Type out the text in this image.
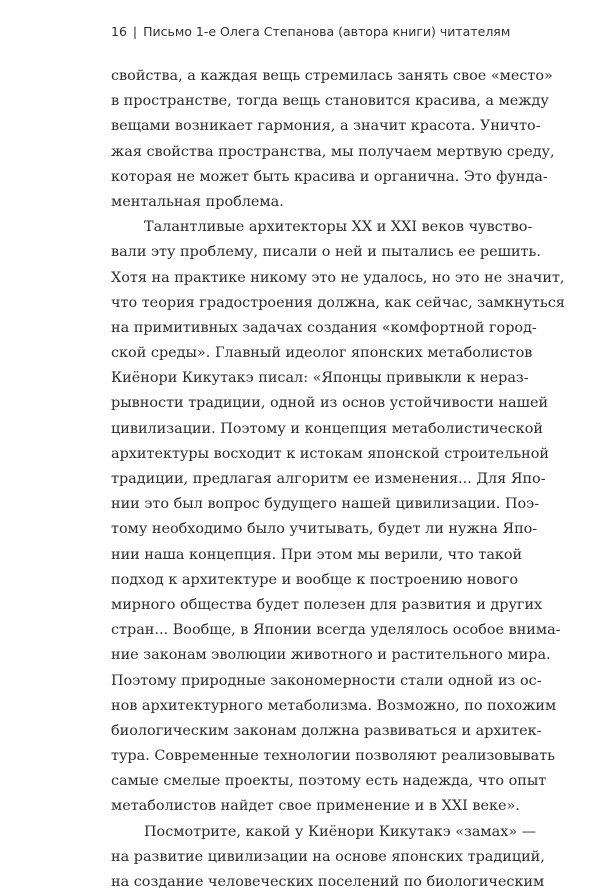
16 | Письмо 1-е Олега Степанова (автора книги) читателям
свойства, а каждая вещь стремилась занять свое «место»
в пространстве, тогда вещь становится красива, а между
вещами возникает гармония, а значит красота. Уничто-
жая свойства пространства, мы получаем мертвую среду,
которая не может быть красива и органична. Это фунда-
ментальная проблема.
Талантливые архитекторы XX и XXI веков чувство-
вали эту проблему, писали о ней и пытались ее решить.
Хотя на практике никому это не удалось, но это не значит,
что теория градостроения должна, как сейчас, замкнуться
на примитивных задачах создания «комфортной город-
ской среды». Главный идеолог японских метаболистов
Киёнори Кикутакэ писал: «Японцы привыкли к нераз-
рывности традиции, одной из основ устойчивости нашей
цивилизации. Поэтому и концепция метаболистической
архитектуры восходит к истокам японской строительной
традиции, предлагая алгоритм ее изменения... Для Япо-
нии это был вопрос будущего нашей цивилизации. Поэ-
тому необходимо было учитывать, будет ли нужна Япо-
нии наша концепция. При этом мы верили, что такой
подход к архитектуре и вообще к построению нового
мирного общества будет полезен для развития и других
стран... Вообще, в Японии всегда уделялось особое внима-
ние законам эволюции животного и растительного мира.
Поэтому природные закономерности стали одной из ос-
нов архитектурного метаболизма. Возможно, по похожим
биологическим законам должна развиваться и архитек-
тура. Современные технологии позволяют реализовывать
самые смелые проекты, поэтому есть надежда, что опыт
метаболистов найдет свое применение и в XXI веке».
Посмотрите, какой у Киёнори Кикутакэ «замах» —
на развитие цивилизации на основе японских традиций,
на создание человеческих поселений по биологическим
